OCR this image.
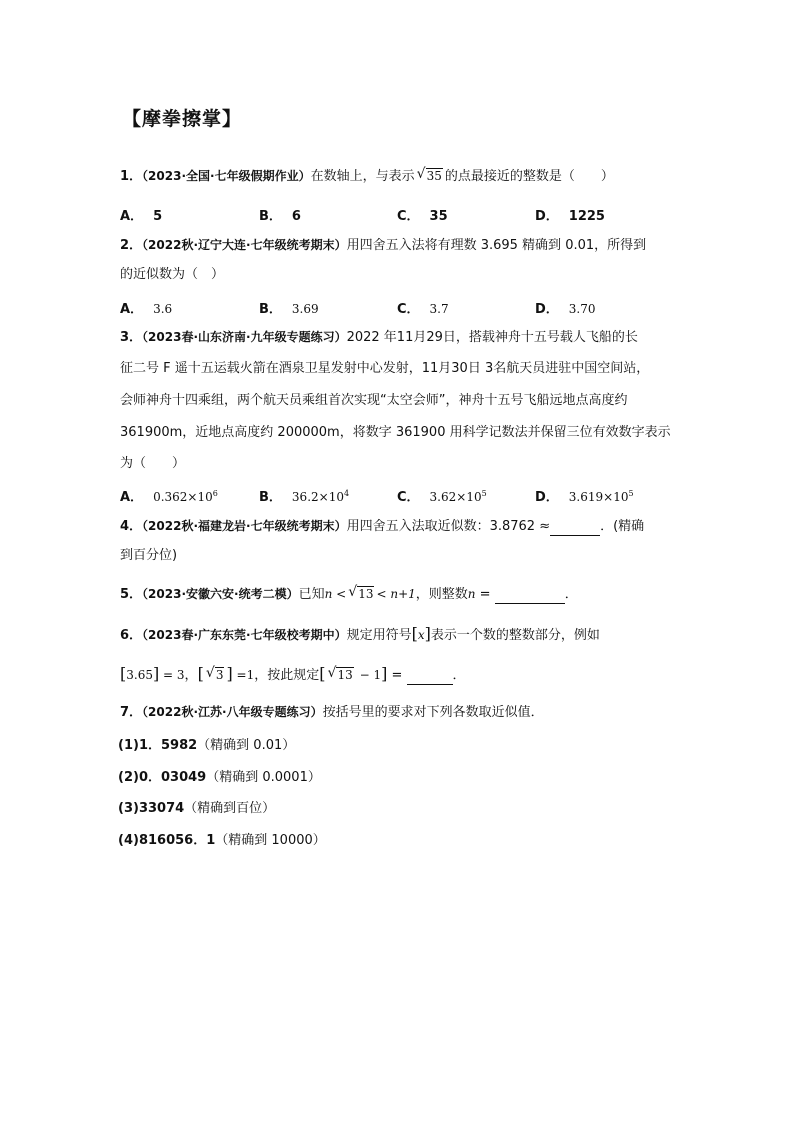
【摩拳擦掌】
1．（2023·全国·七年级假期作业）在数轴上，与表示 √ 35 的点最接近的整数是（　　）
A． 5	B． 6	C． 35	D． 1225
2．（2022秋·辽宁大连·七年级统考期末）用四舍五入法将有理数 3.695 精确到 0.01，所得到
的近似数为（　）
A． 3.6	B． 3.69	C． 3.7	D． 3.70
3．（2023春·山东济南·九年级专题练习）2022 年11月29日，搭载神舟十五号载人飞船的长
征二号 F 遥十五运载火箭在酒泉卫星发射中心发射，11月30日 3名航天员进驻中国空间站，
会师神舟十四乘组，两个航天员乘组首次实现“太空会师”，神舟十五号飞船远地点高度约
361900m，近地点高度约 200000m，将数字 361900 用科学记数法并保留三位有效数字表示
为（　　）
A． $0.362\times 10^6$	B． $36.2\times 10^4$	C． $3.62\times 10^5$	D． $3.619\times 10^5$
4．（2022秋·福建龙岩·七年级统考期末）用四舍五入法取近似数：3.8762 ≈	．(精确
到百分位)
5．（2023·安徽六安·统考二模）已知n < √ 13 < n+1，则整数n =	．
6．（2023春·广东东莞·七年级校考期中）规定用符号[x]表示一个数的整数部分，例如
[3.65] = 3，[ √ 3 ] =1，按此规定[ √ 13 − 1] =	．
7．（2022秋·江苏·八年级专题练习）按括号里的要求对下列各数取近似值．
(1)1．5982（精确到 0.01）
(2)0．03049（精确到 0.0001）
(3)33074（精确到百位）
(4)816056．1（精确到 10000）
